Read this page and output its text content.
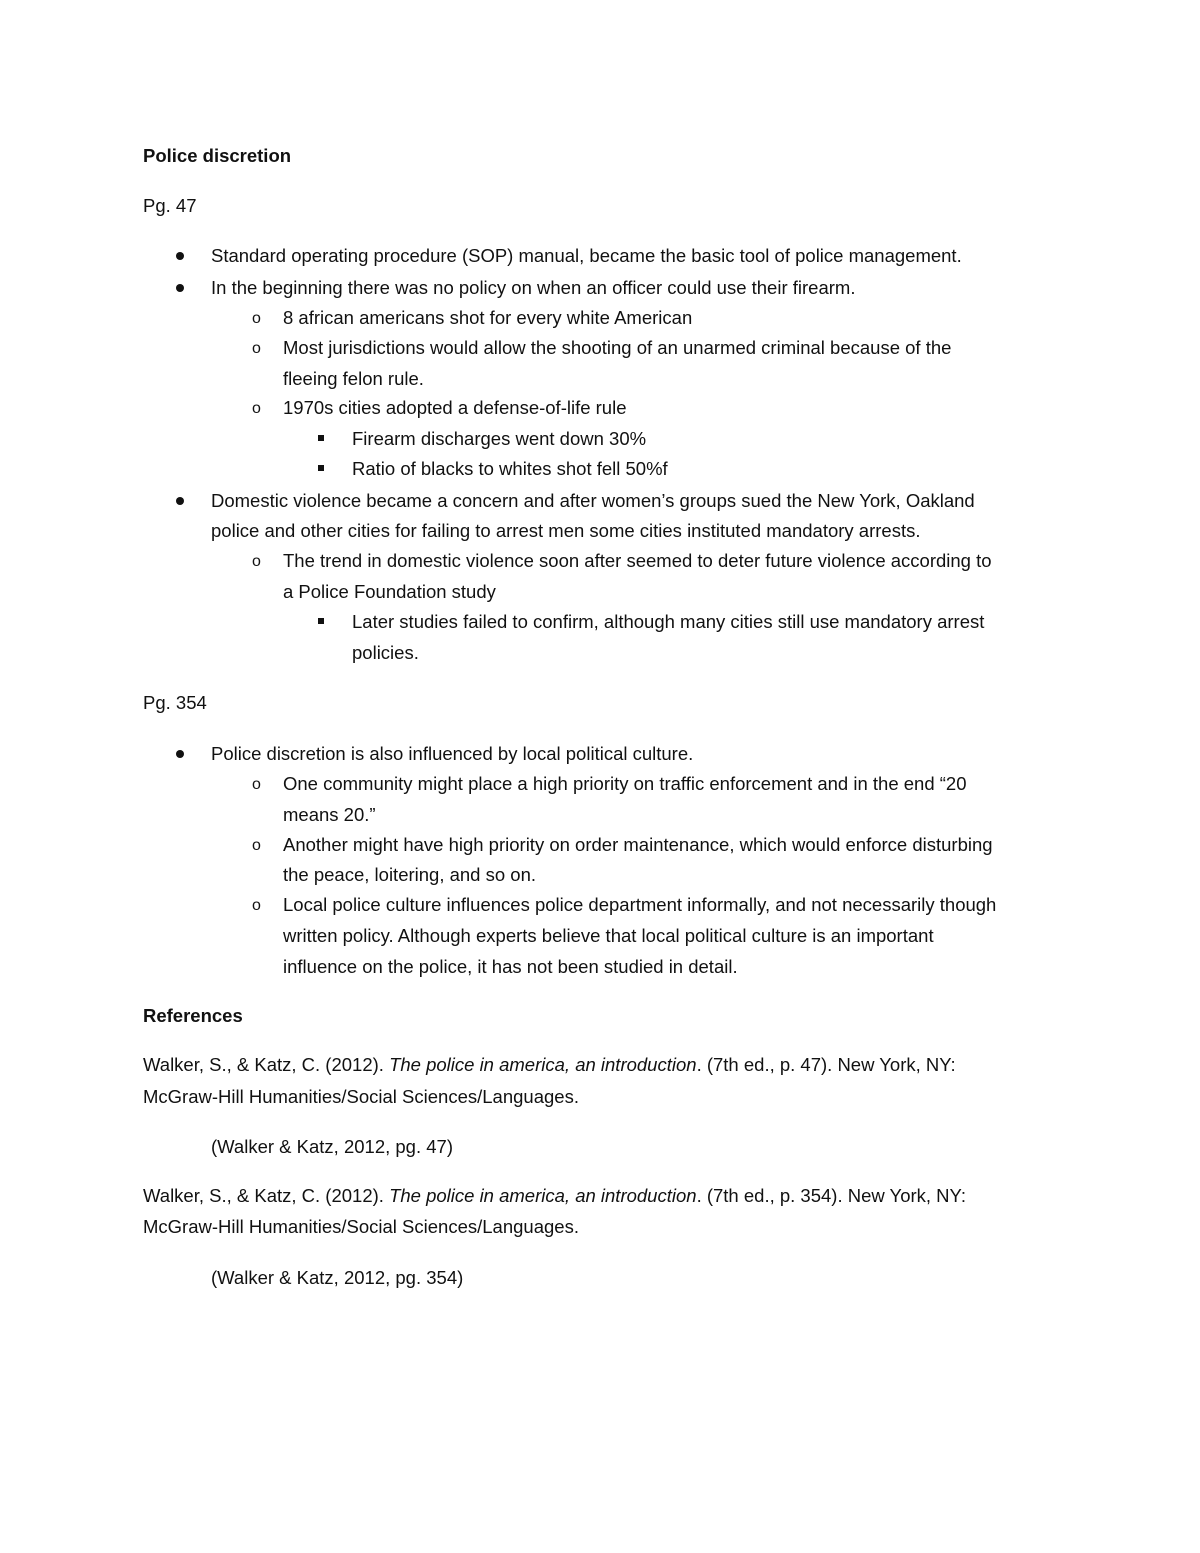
Police discretion
Pg. 47
Standard operating procedure (SOP) manual, became the basic tool of police management.
In the beginning there was no policy on when an officer could use their firearm.
o 8 african americans shot for every white American
o Most jurisdictions would allow the shooting of an unarmed criminal because of the
fleeing felon rule.
o 1970s cities adopted a defense-of-life rule
Firearm discharges went down 30%
Ratio of blacks to whites shot fell 50%f
Domestic violence became a concern and after women’s groups sued the New York, Oakland
police and other cities for failing to arrest men some cities instituted mandatory arrests.
o The trend in domestic violence soon after seemed to deter future violence according to
a Police Foundation study
Later studies failed to confirm, although many cities still use mandatory arrest
policies.
Pg. 354
Police discretion is also influenced by local political culture.
o One community might place a high priority on traffic enforcement and in the end “20
means 20.”
o Another might have high priority on order maintenance, which would enforce disturbing
the peace, loitering, and so on.
o Local police culture influences police department informally, and not necessarily though
written policy. Although experts believe that local political culture is an important
influence on the police, it has not been studied in detail.
References
Walker, S., & Katz, C. (2012). The police in america, an introduction. (7th ed., p. 47). New York, NY:
McGraw-Hill Humanities/Social Sciences/Languages.
(Walker & Katz, 2012, pg. 47)
Walker, S., & Katz, C. (2012). The police in america, an introduction. (7th ed., p. 354). New York, NY:
McGraw-Hill Humanities/Social Sciences/Languages.
(Walker & Katz, 2012, pg. 354)
